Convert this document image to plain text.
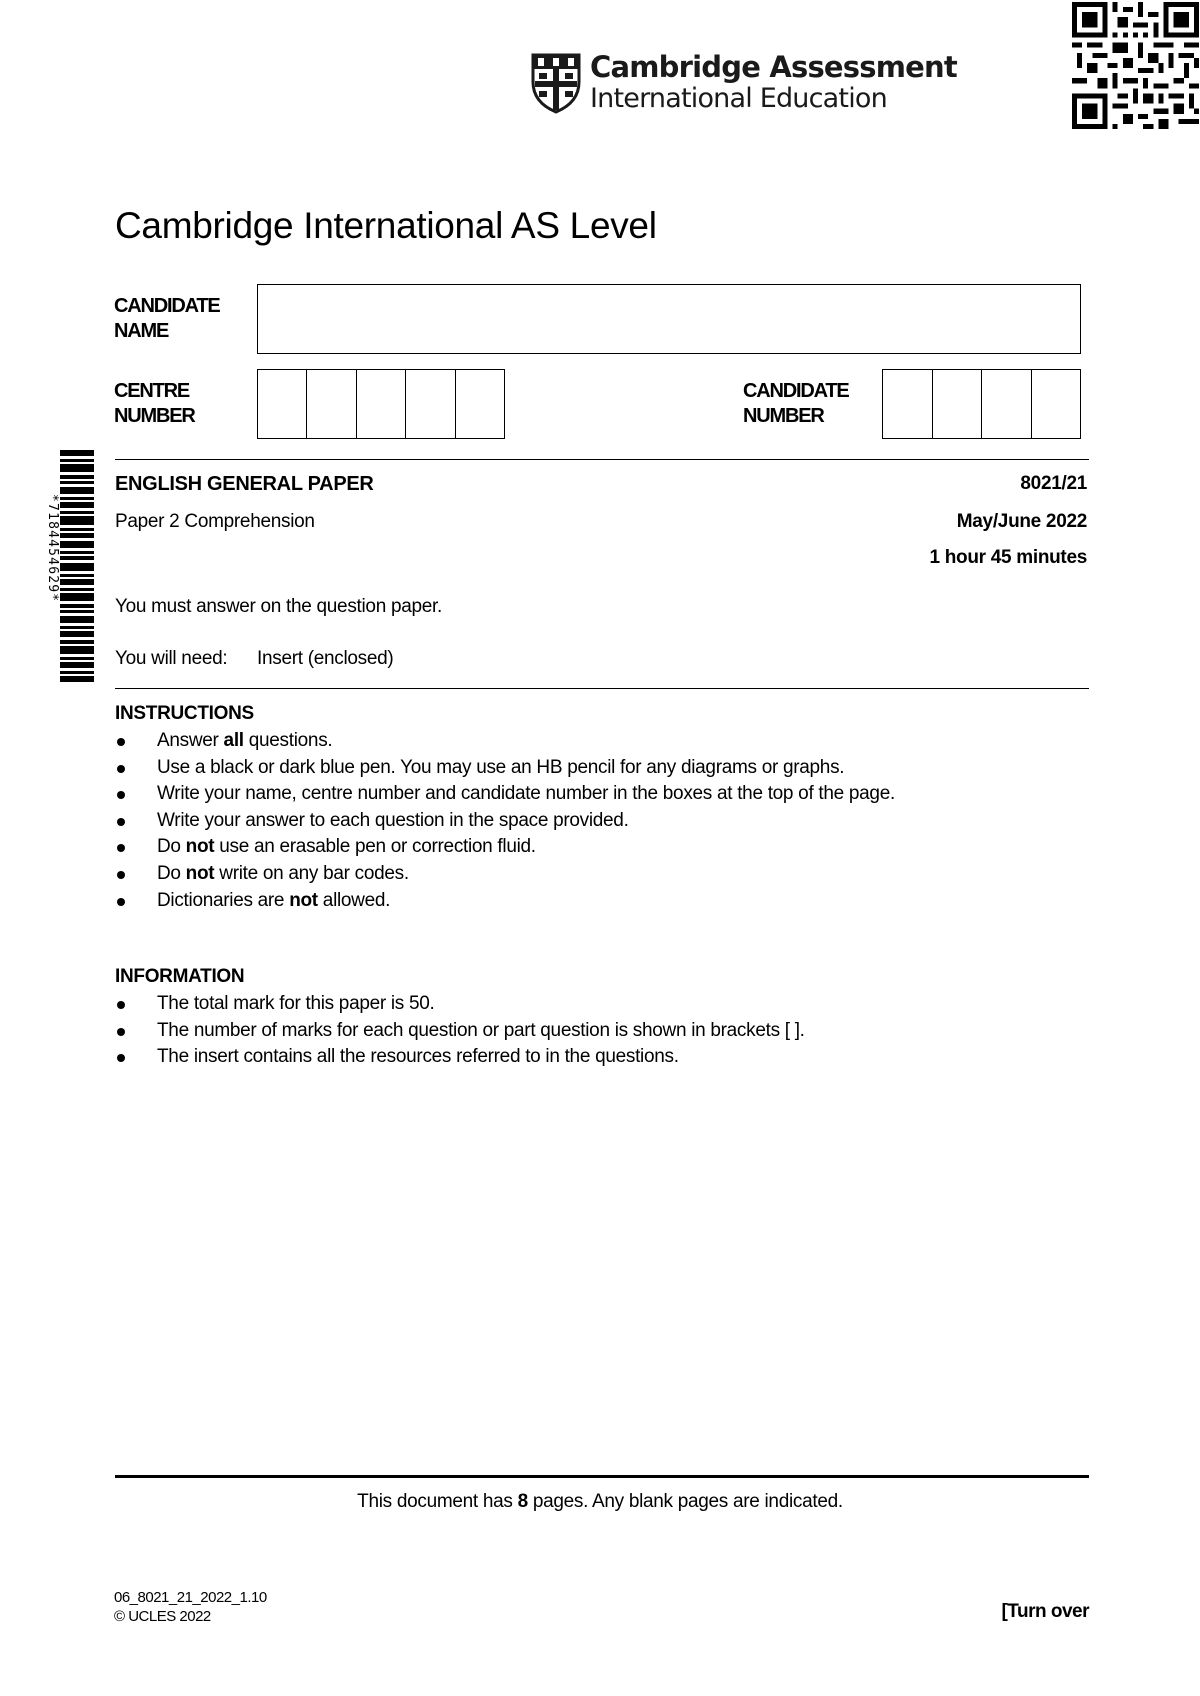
Cambridge Assessment
International Education
*7184454629*
Cambridge International AS Level
CANDIDATE
NAME
CENTRE
NUMBER
CANDIDATE
NUMBER
ENGLISH GENERAL PAPER	8021/21
Paper 2 Comprehension	May/June 2022
1 hour 45 minutes
You must answer on the question paper.
You will need: Insert (enclosed)
INSTRUCTIONS
Answer all questions.
Use a black or dark blue pen. You may use an HB pencil for any diagrams or graphs.
Write your name, centre number and candidate number in the boxes at the top of the page.
Write your answer to each question in the space provided.
Do not use an erasable pen or correction fluid.
Do not write on any bar codes.
Dictionaries are not allowed.
INFORMATION
The total mark for this paper is 50.
The number of marks for each question or part question is shown in brackets [ ].
The insert contains all the resources referred to in the questions.
This document has 8 pages. Any blank pages are indicated.
06_8021_21_2022_1.10
© UCLES 2022	[Turn over
